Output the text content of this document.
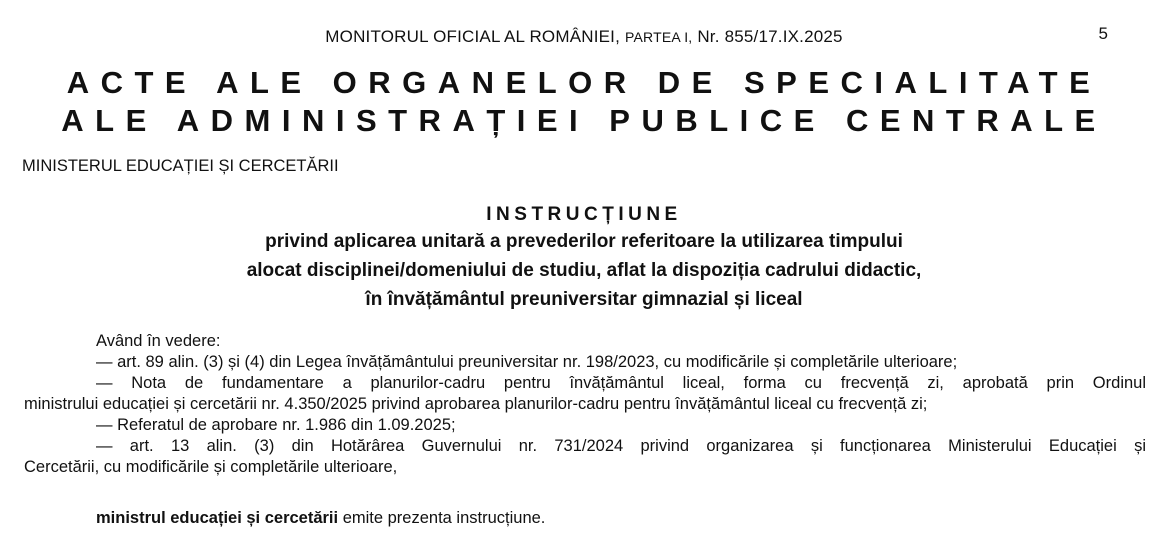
MONITORUL OFICIAL AL ROMÂNIEI, PARTEA I, Nr. 855/17.IX.2025	5
ACTE ALE ORGANELOR DE SPECIALITATE
ALE ADMINISTRAȚIEI PUBLICE CENTRALE
MINISTERUL EDUCAȚIEI ȘI CERCETĂRII
INSTRUCȚIUNE
privind aplicarea unitară a prevederilor referitoare la utilizarea timpului
alocat disciplinei/domeniului de studiu, aflat la dispoziția cadrului didactic,
în învățământul preuniversitar gimnazial și liceal
Având în vedere:
— art. 89 alin. (3) și (4) din Legea învățământului preuniversitar nr. 198/2023, cu modificările și completările ulterioare;
— Nota de fundamentare a planurilor-cadru pentru învățământul liceal, forma cu frecvență zi, aprobată prin Ordinul
ministrului educației și cercetării nr. 4.350/2025 privind aprobarea planurilor-cadru pentru învățământul liceal cu frecvență zi;
— Referatul de aprobare nr. 1.986 din 1.09.2025;
— art. 13 alin. (3) din Hotărârea Guvernului nr. 731/2024 privind organizarea și funcționarea Ministerului Educației și
Cercetării, cu modificările și completările ulterioare,
ministrul educației și cercetării emite prezenta instrucțiune.
